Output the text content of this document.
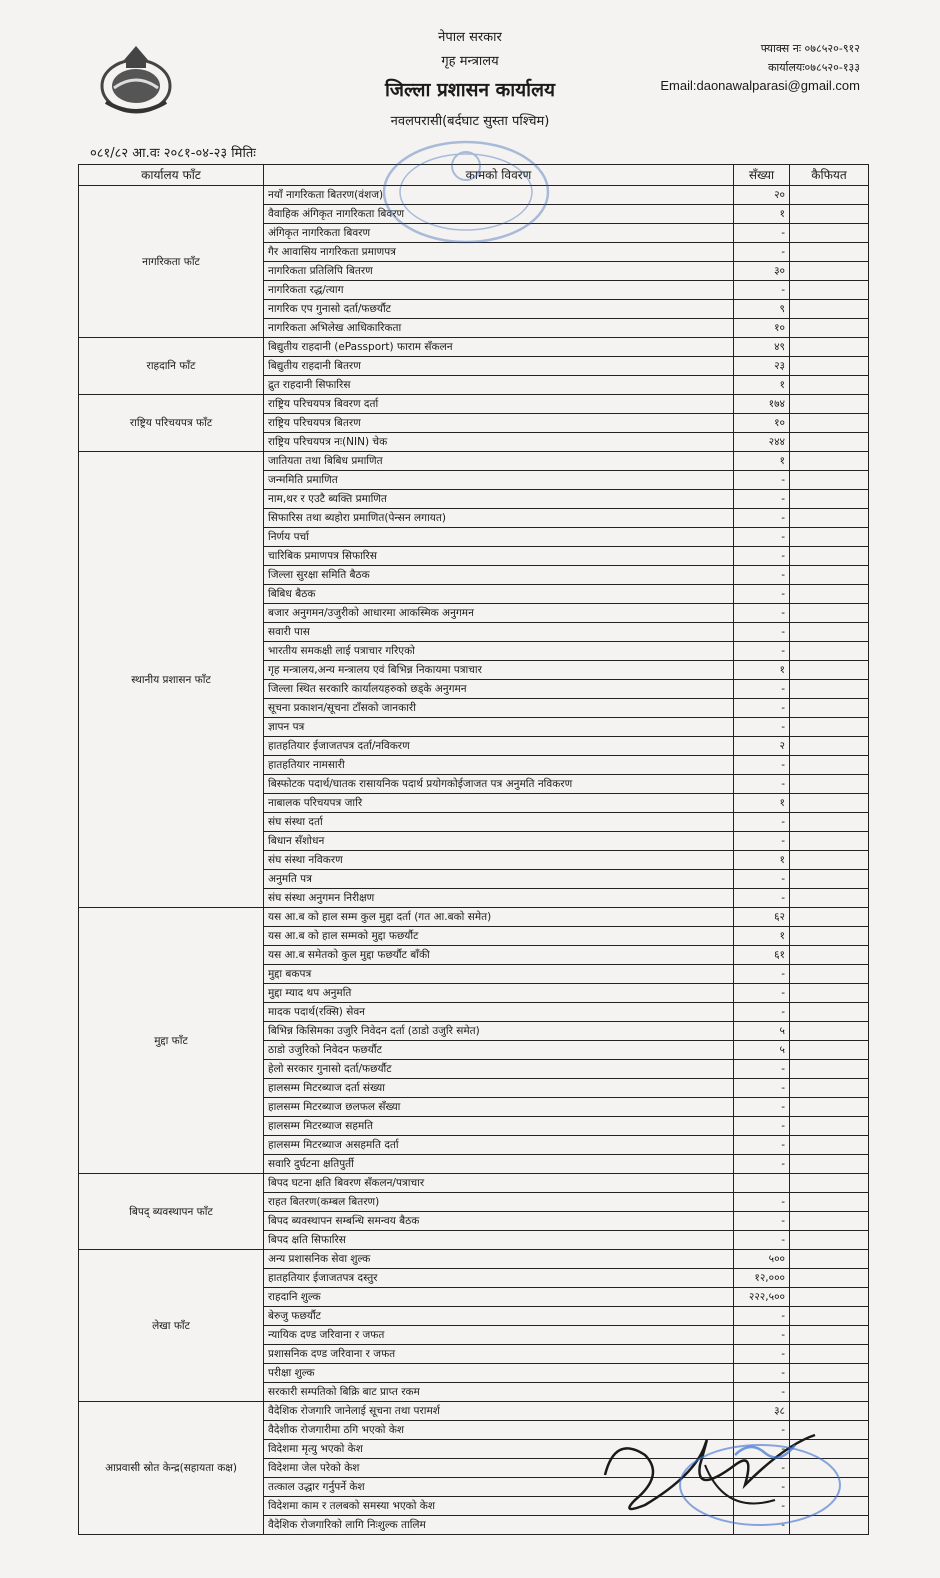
नेपाल सरकार
गृह मन्त्रालय
जिल्ला प्रशासन कार्यालय
नवलपरासी(बर्दघाट सुस्ता पश्चिम)
फ्याक्स नः ०७८५२०-९१२
कार्यालयः०७८५२०-१३३
Email:daonawalparasi@gmail.com
०८१/८२ आ.वः २०८१-०४-२३ मितिः
कार्यालय फाँट	कामको विवरण	सँख्या	कैफियत
नागरिकता फाँट	नयाँ नागरिकता बितरण(वंशज)	२०	
	वैवाहिक अंगिकृत नागरिकता बिवरण	१	
	अंगिकृत नागरिकता बिवरण	-	
	गैर आवासिय नागरिकता प्रमाणपत्र	-	
	नागरिकता प्रतिलिपि बितरण	३०	
	नागरिकता रद्ध/त्याग	-	
	नागरिक एप गुनासो दर्ता/फछर्यौट	९	
	नागरिकता अभिलेख आधिकारिकता	१०	
राहदानि फाँट	बिद्युतीय राहदानी (ePassport) फाराम सँकलन	४९	
	बिद्युतीय राहदानी बितरण	२३	
	द्रुत राहदानी सिफारिस	१	
राष्ट्रिय परिचयपत्र फाँट	राष्ट्रिय परिचयपत्र बिवरण दर्ता	१७४	
	राष्ट्रिय परिचयपत्र बितरण	१०	
	राष्ट्रिय परिचयपत्र नः(NIN) चेक	२४४	
स्थानीय प्रशासन फाँट	जातियता तथा बिबिध प्रमाणित	१	
	जन्ममिति प्रमाणित	-	
	नाम,थर र एउटै ब्यक्ति प्रमाणित	-	
	सिफारिस तथा ब्यहोरा प्रमाणित(पेन्सन लगायत)	-	
	निर्णय पर्चा	-	
	चारिबिक प्रमाणपत्र सिफारिस	-	
	जिल्ला सुरक्षा समिति बैठक	-	
	बिबिध बैठक	-	
	बजार अनुगमन/उजुरीको आधारमा आकस्मिक अनुगमन	-	
	सवारी पास	-	
	भारतीय समकक्षी लाई पत्राचार गरिएको	-	
	गृह मन्त्रालय,अन्य मन्त्रालय एवं बिभिन्न निकायमा पत्राचार	१	
	जिल्ला स्थित सरकारि कार्यालयहरुको छड्के अनुगमन	-	
	सूचना प्रकाशन/सूचना टाँसको जानकारी	-	
	ज्ञापन पत्र	-	
	हातहतियार ईजाजतपत्र दर्ता/नविकरण	२	
	हातहतियार नामसारी	-	
	बिस्फोटक पदार्थ/घातक रासायनिक पदार्थ प्रयोगकोईजाजत पत्र अनुमति नविकरण	-	
	नाबालक परिचयपत्र जारि	१	
	संघ संस्था दर्ता	-	
	बिधान सँशोधन	-	
	संघ संस्था नविकरण	१	
	अनुमति पत्र	-	
	संघ संस्था अनुगमन निरीक्षण	-	
मुद्दा फाँट	यस आ.ब को हाल सम्म कुल मुद्दा दर्ता (गत आ.बको समेत)	६२	
	यस आ.ब को हाल सम्मको मुद्दा फछर्यौट	१	
	यस आ.ब समेतको कुल मुद्दा फछर्यौट बाँकी	६१	
	मुद्दा बकपत्र	-	
	मुद्दा म्याद थप अनुमति	-	
	मादक पदार्थ(रक्सि) सेवन	-	
	बिभिन्न किसिमका उजुरि निवेदन दर्ता (ठाडो उजुरि समेत)	५	
	ठाडो उजुरिको निवेदन फछर्यौट	५	
	हेलो सरकार गुनासो दर्ता/फछर्यौट	-	
	हालसम्म मिटरब्याज दर्ता संख्या	-	
	हालसम्म मिटरब्याज छलफल सँख्या	-	
	हालसम्म मिटरब्याज सहमति	-	
	हालसम्म मिटरब्याज असहमति दर्ता	-	
	सवारि दुर्घटना क्षतिपुर्ती	-	
बिपद् ब्यवस्थापन फाँट	बिपद घटना क्षति बिवरण सँकलन/पत्राचार		
	राहत बितरण(कम्बल बितरण)	-	
	बिपद ब्यवस्थापन सम्बन्धि समन्वय बैठक	-	
	बिपद क्षति सिफारिस	-	
लेखा फाँट	अन्य प्रशासनिक सेवा शुल्क	५००	
	हातहतियार ईजाजतपत्र दस्तुर	१२,०००	
	राहदानि शुल्क	२२२,५००	
	बेरुजु फछर्यौट	-	
	न्यायिक दण्ड जरिवाना र जफत	-	
	प्रशासनिक दण्ड जरिवाना र जफत	-	
	परीक्षा शुल्क	-	
	सरकारी सम्पतिको बिक्रि बाट प्राप्त रकम	-	
आप्रवासी स्रोत केन्द्र(सहायता कक्ष)	वैदेशिक रोजगारि जानेलाई सूचना तथा परामर्श	३८	
	वैदेशीक रोजगारीमा ठगि भएको केश	-	
	विदेशमा मृत्यु भएको केश	-	
	विदेशमा जेल परेको केश	-	
	तत्काल उद्धार गर्नुपर्ने केश	-	
	विदेशमा काम र तलबको समस्या भएको केश	-	
	वैदेशिक रोजगारिको लागि निःशुल्क तालिम	-	
